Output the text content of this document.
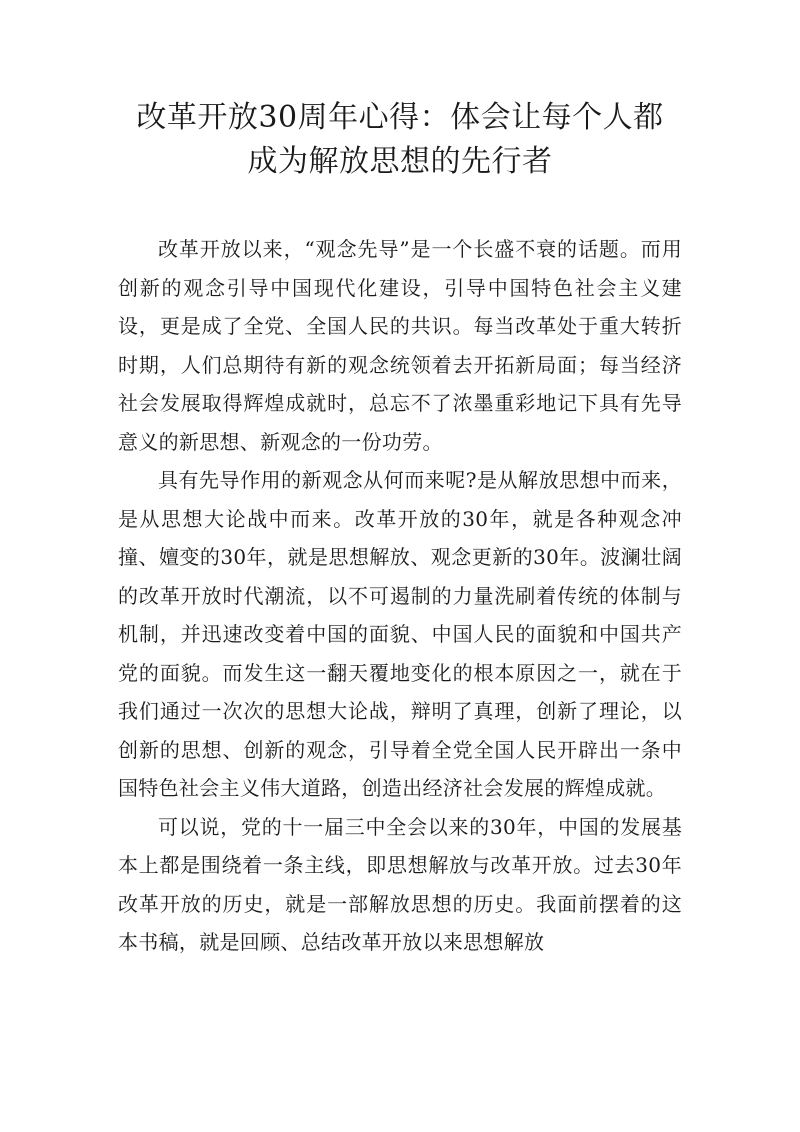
改革开放30周年心得：体会让每个人都
成为解放思想的先行者

改革开放以来，“观念先导”是一个长盛不衰的话题。而用创新的观念引导中国现代化建设，引导中国特色社会主义建设，更是成了全党、全国人民的共识。每当改革处于重大转折时期，人们总期待有新的观念统领着去开拓新局面；每当经济社会发展取得辉煌成就时，总忘不了浓墨重彩地记下具有先导意义的新思想、新观念的一份功劳。

具有先导作用的新观念从何而来呢?是从解放思想中而来，是从思想大论战中而来。改革开放的30年，就是各种观念冲撞、嬗变的30年，就是思想解放、观念更新的30年。波澜壮阔的改革开放时代潮流，以不可遏制的力量洗刷着传统的体制与机制，并迅速改变着中国的面貌、中国人民的面貌和中国共产党的面貌。而发生这一翻天覆地变化的根本原因之一，就在于我们通过一次次的思想大论战，辩明了真理，创新了理论，以创新的思想、创新的观念，引导着全党全国人民开辟出一条中国特色社会主义伟大道路，创造出经济社会发展的辉煌成就。

可以说，党的十一届三中全会以来的30年，中国的发展基本上都是围绕着一条主线，即思想解放与改革开放。过去30年改革开放的历史，就是一部解放思想的历史。我面前摆着的这本书稿，就是回顾、总结改革开放以来思想解放
